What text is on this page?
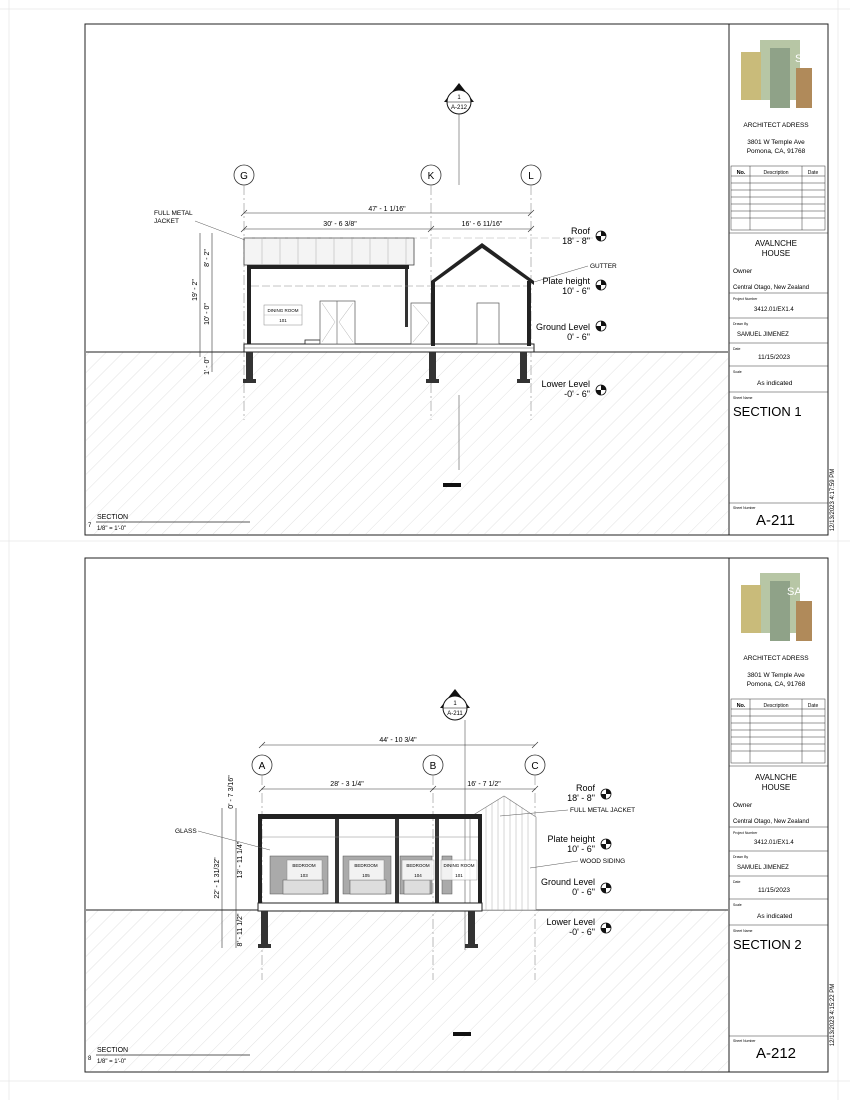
1
A-212
G	K	L
47' - 1 1/16"
30' - 6 3/8"	16' - 6 11/16"
8' - 2"
19' - 2"
10' - 0"
1' - 0"
DINING ROOM
101
FULL METAL
JACKET
GUTTER
Roof
18' - 8"
Plate height
10' - 6"
Ground Level
0' - 6"
Lower Level
-0' - 6"
7
SECTION
1/8" = 1'-0"
SAM
ARCHITECT ADRESS
3801 W Temple Ave
Pomona, CA, 91768
No.	Description	Date
AVALNCHE
HOUSE
Owner
Central Otago, New Zealand
Project Number
3412.01/EX1.4
Drawn By
SAMUEL JIMENEZ
Date
11/15/2023
Scale
As indicated
Sheet Name
SECTION 1
Sheet Number
A-211	12/13/2023 4:17:59 PM
1
A-211
A	B	C
44' - 10 3/4"
28' - 3 1/4"	16' - 7 1/2"
0' - 7 3/16"
13' - 11 1/4"
22' - 1 31/32"
8' - 11 1/2"
BEDROOM
103
BEDROOM
105
BEDROOM
104
DINING ROOM
101
GLASS
FULL METAL JACKET
WOOD SIDING
Roof
18' - 8"
Plate height
10' - 6"
Ground Level
0' - 6"
Lower Level
-0' - 6"
8
SECTION
1/8" = 1'-0"
SAM
ARCHITECT ADRESS
3801 W Temple Ave
Pomona, CA, 91768
No.	Description	Date
AVALNCHE
HOUSE
Owner
Central Otago, New Zealand
Project Number
3412.01/EX1.4
Drawn By
SAMUEL JIMENEZ
Date
11/15/2023
Scale
As indicated
Sheet Name
SECTION 2
Sheet Number
A-212
12/13/2023 4:15:22 PM
